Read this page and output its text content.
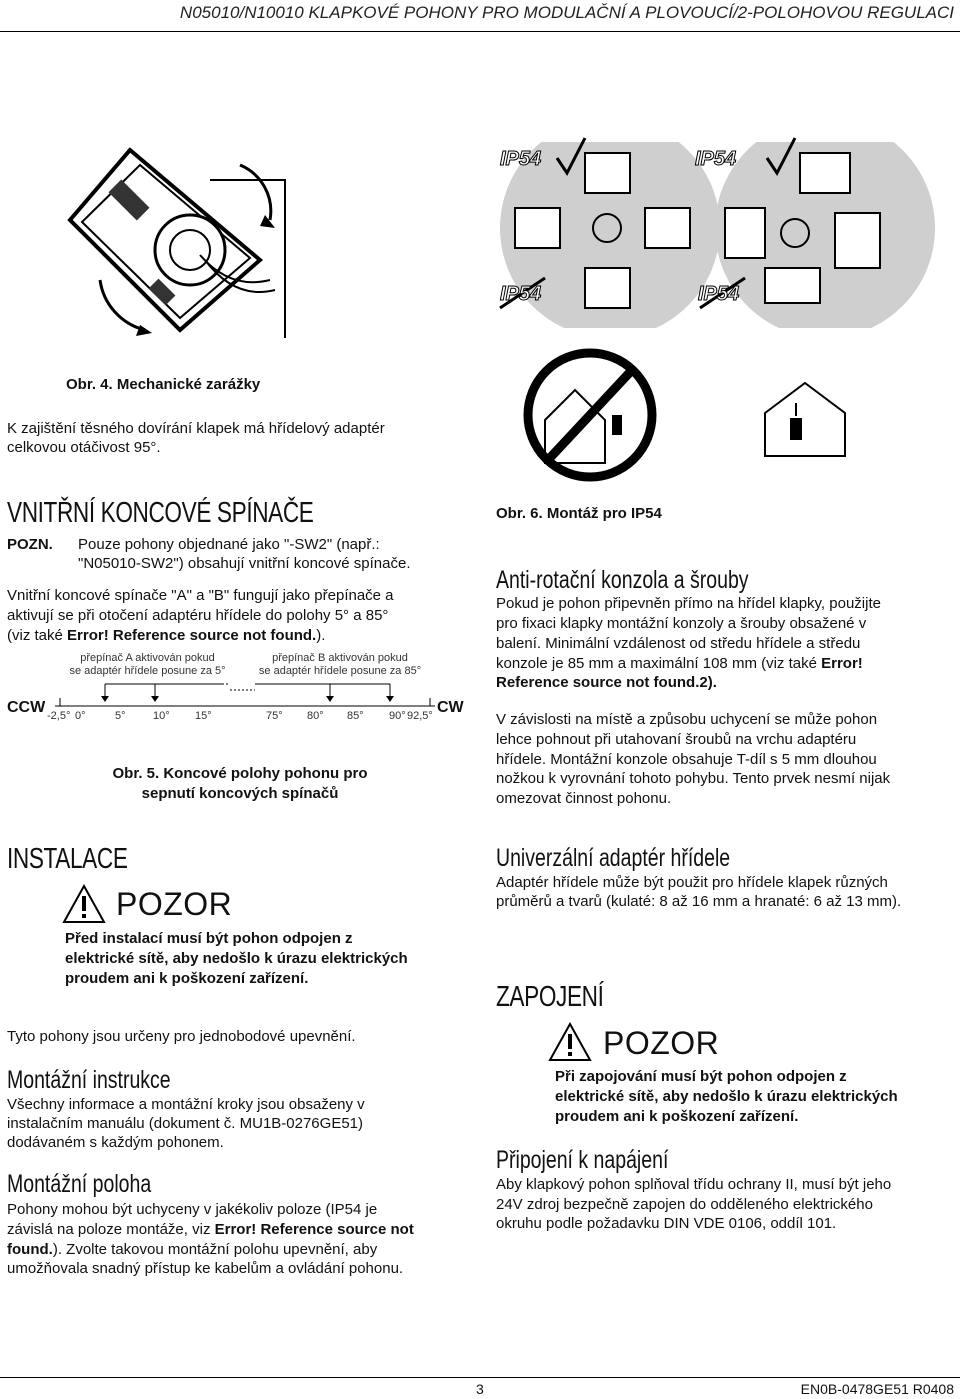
N05010/N10010 KLAPKOVÉ POHONY PRO MODULAČNÍ A PLOVOUCÍ/2-POLOHOVOU REGULACI
Obr. 4. Mechanické zarážky
K zajištění těsného dovírání klapek má hřídelový adaptér celkovou otáčivost 95°.
VNITŘNÍ KONCOVÉ SPÍNAČE
POZN. Pouze pohony objednané jako "-SW2" (např.:
"N05010-SW2") obsahují vnitřní koncové spínače.
Vnitřní koncové spínače "A" a "B" fungují jako přepínače a
aktivují se při otočení adaptéru hřídele do polohy 5° a 85°
(viz také Error! Reference source not found.).
přepínač A aktivován pokud
se adaptér hřídele posune za 5°
přepínač B aktivován pokud
se adaptér hřídele posune za 85°
CCW	CW
-2,5° 0°	5° 10° 15°	75° 80° 85° 90° 92,5°
Obr. 5. Koncové polohy pohonu pro
sepnutí koncových spínačů
IP54	IP54
IP54	IP54
Obr. 6. Montáž pro IP54
Anti-rotační konzola a šrouby
Pokud je pohon připevněn přímo na hřídel klapky, použijte
pro fixaci klapky montážní konzoly a šrouby obsažené v
balení. Minimální vzdálenost od středu hřídele a středu
konzole je 85 mm a maximální 108 mm (viz také Error!
Reference source not found.2).
V závislosti na místě a způsobu uchycení se může pohon
lehce pohnout při utahovaní šroubů na vrchu adaptéru
hřídele. Montážní konzole obsahuje T-díl s 5 mm dlouhou
nožkou k vyrovnání tohoto pohybu. Tento prvek nesmí nijak
omezovat činnost pohonu.
INSTALACE
POZOR
Před instalací musí být pohon odpojen z
elektrické sítě, aby nedošlo k úrazu elektrických
proudem ani k poškození zařízení.
Tyto pohony jsou určeny pro jednobodové upevnění.
Montážní instrukce
Všechny informace a montážní kroky jsou obsaženy v
instalačním manuálu (dokument č. MU1B-0276GE51)
dodávaném s každým pohonem.
Montážní poloha
Pohony mohou být uchyceny v jakékoliv poloze (IP54 je
závislá na poloze montáže, viz Error! Reference source not
found.). Zvolte takovou montážní polohu upevnění, aby
umožňovala snadný přístup ke kabelům a ovládání pohonu.
Univerzální adaptér hřídele
Adaptér hřídele může být použit pro hřídele klapek různých
průměrů a tvarů (kulaté: 8 až 16 mm a hranaté: 6 až 13 mm).
ZAPOJENÍ
POZOR
Při zapojování musí být pohon odpojen z
elektrické sítě, aby nedošlo k úrazu elektrických
proudem ani k poškození zařízení.
Připojení k napájení
Aby klapkový pohon splňoval třídu ochrany II, musí být jeho
24V zdroj bezpečně zapojen do odděleného elektrického
okruhu podle požadavku DIN VDE 0106, oddíl 101.
3	EN0B-0478GE51 R0408
